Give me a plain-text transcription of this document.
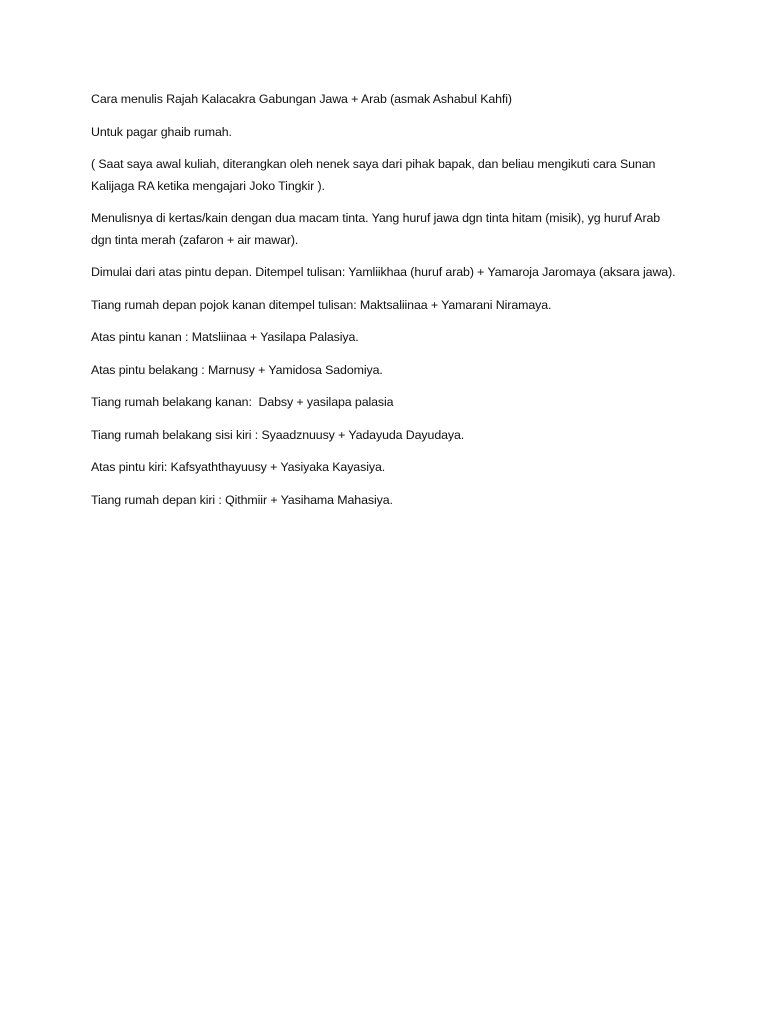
Cara menulis Rajah Kalacakra Gabungan Jawa + Arab (asmak Ashabul Kahfi)

Untuk pagar ghaib rumah.

( Saat saya awal kuliah, diterangkan oleh nenek saya dari pihak bapak, dan beliau mengikuti cara Sunan Kalijaga RA ketika mengajari Joko Tingkir ).

Menulisnya di kertas/kain dengan dua macam tinta. Yang huruf jawa dgn tinta hitam (misik), yg huruf Arab dgn tinta merah (zafaron + air mawar).

Dimulai dari atas pintu depan. Ditempel tulisan: Yamliikhaa (huruf arab) + Yamaroja Jaromaya (aksara jawa).

Tiang rumah depan pojok kanan ditempel tulisan: Maktsaliinaa + Yamarani Niramaya.

Atas pintu kanan : Matsliinaa + Yasilapa Palasiya.

Atas pintu belakang : Marnusy + Yamidosa Sadomiya.

Tiang rumah belakang kanan:  Dabsy + yasilapa palasia

Tiang rumah belakang sisi kiri : Syaadznuusy + Yadayuda Dayudaya.

Atas pintu kiri: Kafsyaththayuusy + Yasiyaka Kayasiya.

Tiang rumah depan kiri : Qithmiir + Yasihama Mahasiya.
